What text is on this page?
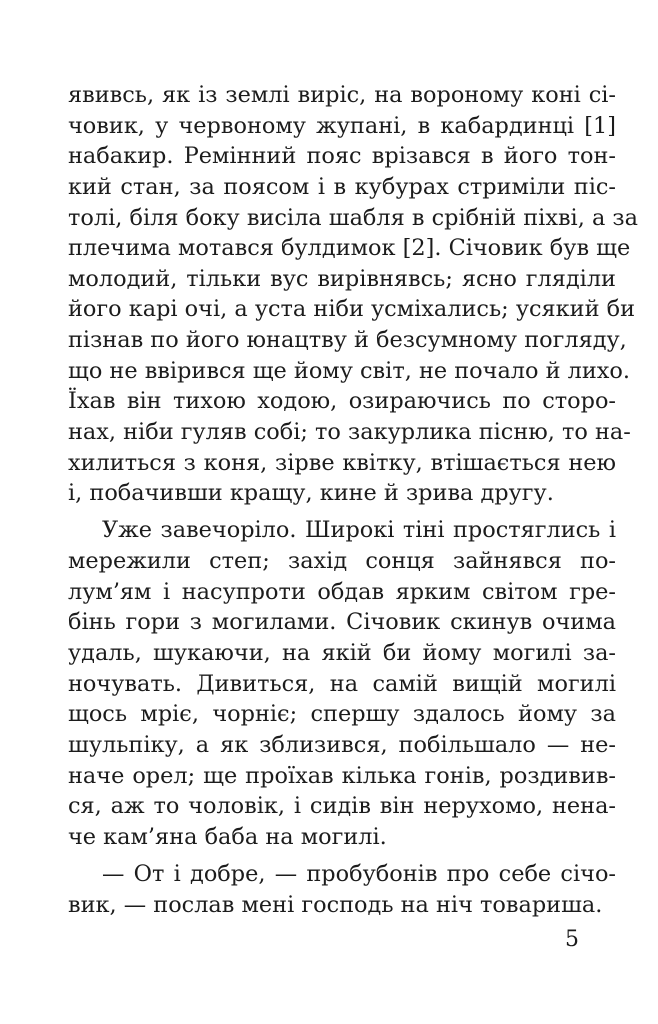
явивсь, як із землі виріс, на вороному коні сі-
човик, у червоному жупані, в кабардинці [1]
набакир. Ремінний пояс врізався в його тон-
кий стан, за поясом і в кубурах стриміли піс-
толі, біля боку висіла шабля в срібній піхві, а за
плечима мотався булдимок [2]. Січовик був ще
молодий, тільки вус вирівнявсь; ясно гляділи
його карі очі, а уста ніби усміхались; усякий би
пізнав по його юнацтву й безсумному погляду,
що не ввірився ще йому світ, не почало й лихо.
Їхав він тихою ходою, озираючись по сторо-
нах, ніби гуляв собі; то закурлика пісню, то на-
хилиться з коня, зірве квітку, втішається нею
і, побачивши кращу, кине й зрива другу.
Уже завечоріло. Широкі тіні простяглись і
мережили степ; захід сонця зайнявся по-
лум’ям і насупроти обдав ярким світом гре-
бінь гори з могилами. Січовик скинув очима
удаль, шукаючи, на якій би йому могилі за-
ночувать. Дивиться, на самій вищій могилі
щось мріє, чорніє; спершу здалось йому за
шульпіку, а як зблизився, побільшало — не-
наче орел; ще проїхав кілька гонів, роздивив-
ся, аж то чоловік, і сидів він нерухомо, нена-
че кам’яна баба на могилі.
— От і добре, — пробубонів про себе січо-
вик, — послав мені господь на ніч товариша.
5
